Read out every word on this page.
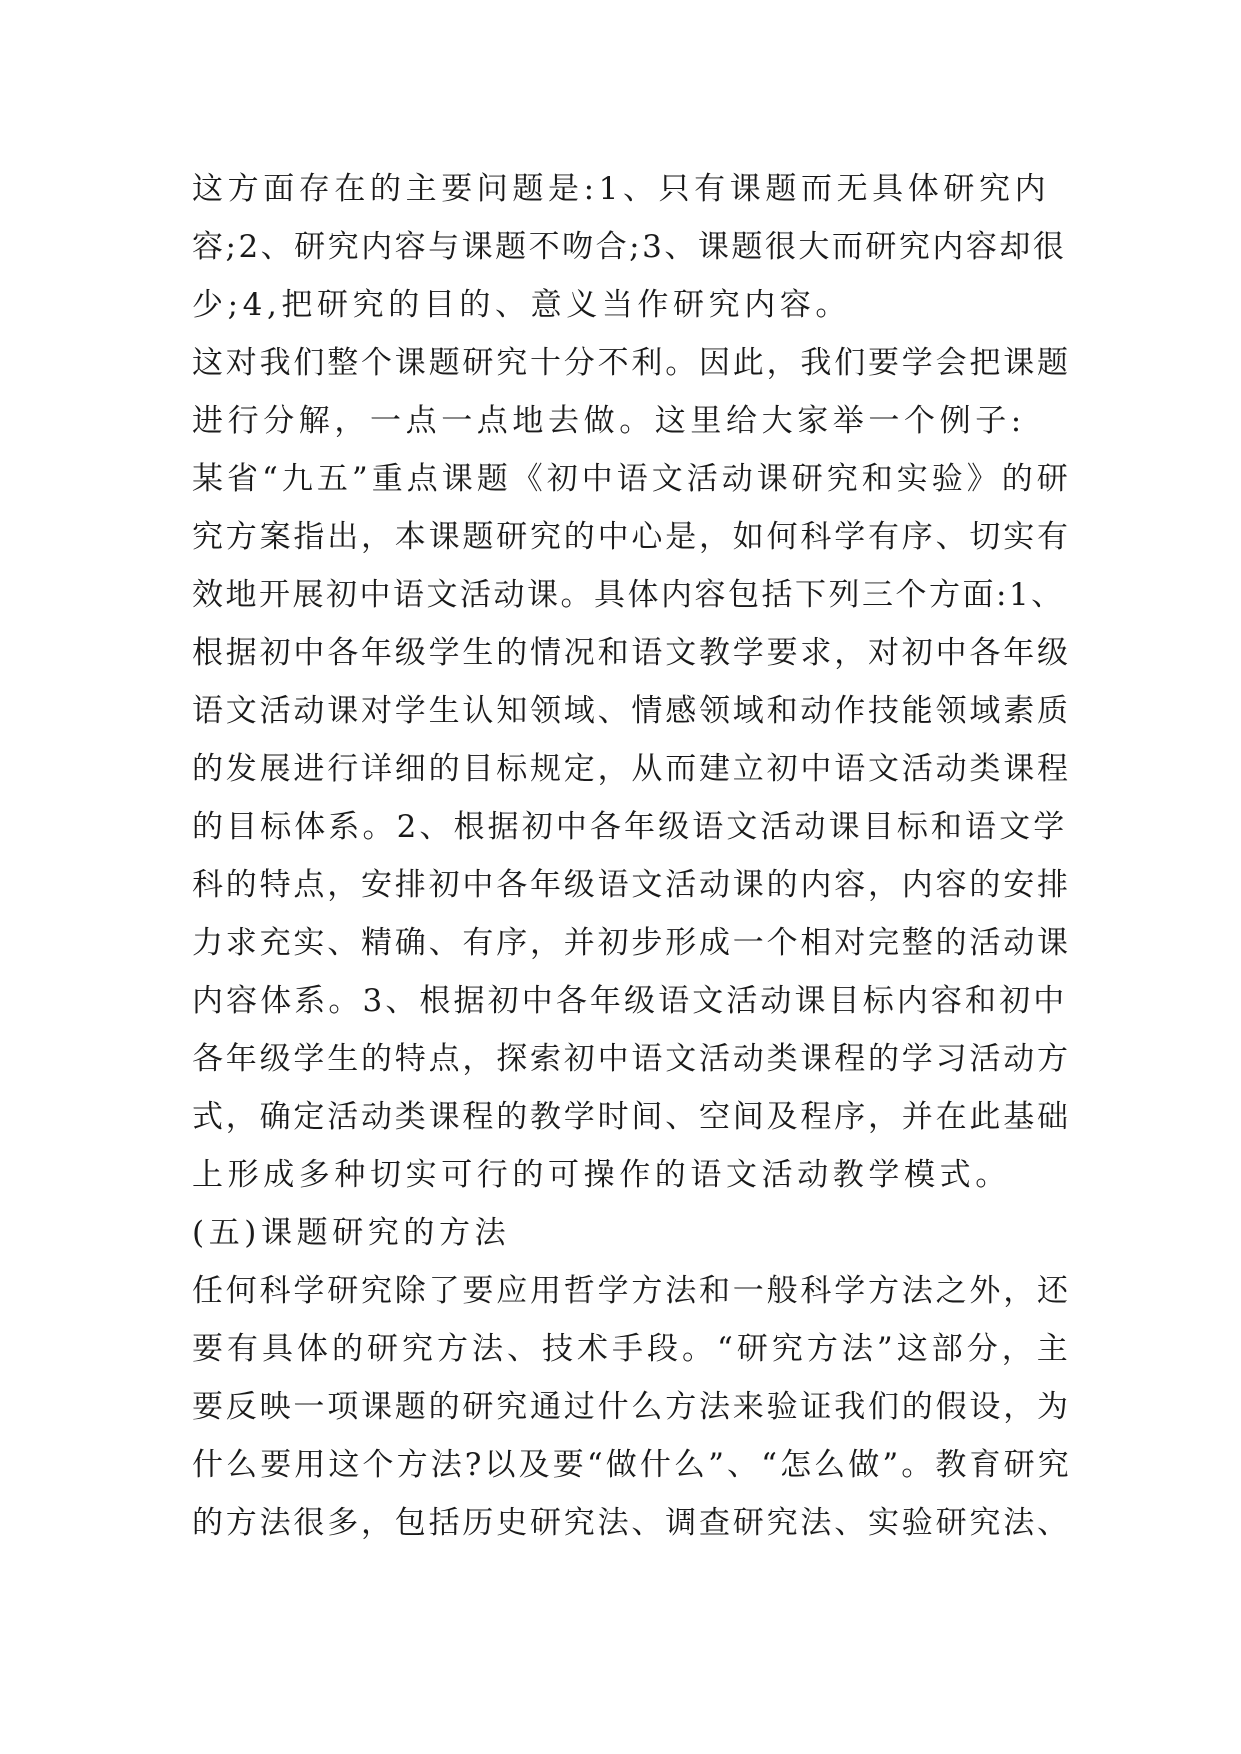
这方面存在的主要问题是:1、只有课题而无具体研究内
容;2、研究内容与课题不吻合;3、课题很大而研究内容却很
少;4,把研究的目的、意义当作研究内容。
这对我们整个课题研究十分不利。因此，我们要学会把课题
进行分解，一点一点地去做。这里给大家举一个例子:
某省“九五”重点课题《初中语文活动课研究和实验》的研
究方案指出，本课题研究的中心是，如何科学有序、切实有
效地开展初中语文活动课。具体内容包括下列三个方面:1、
根据初中各年级学生的情况和语文教学要求，对初中各年级
语文活动课对学生认知领域、情感领域和动作技能领域素质
的发展进行详细的目标规定，从而建立初中语文活动类课程
的目标体系。2、根据初中各年级语文活动课目标和语文学
科的特点，安排初中各年级语文活动课的内容，内容的安排
力求充实、精确、有序，并初步形成一个相对完整的活动课
内容体系。3、根据初中各年级语文活动课目标内容和初中
各年级学生的特点，探索初中语文活动类课程的学习活动方
式，确定活动类课程的教学时间、空间及程序，并在此基础
上形成多种切实可行的可操作的语文活动教学模式。
(五)课题研究的方法
任何科学研究除了要应用哲学方法和一般科学方法之外，还
要有具体的研究方法、技术手段。“研究方法”这部分，主
要反映一项课题的研究通过什么方法来验证我们的假设，为
什么要用这个方法?以及要“做什么”、“怎么做”。教育研究
的方法很多，包括历史研究法、调查研究法、实验研究法、
